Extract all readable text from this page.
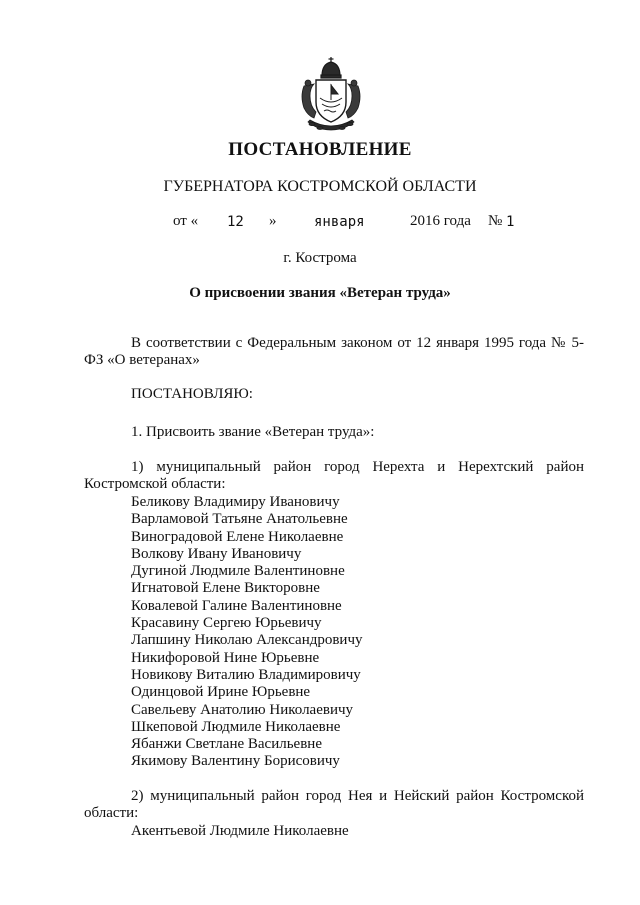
ПОСТАНОВЛЕНИЕ
ГУБЕРНАТОРА КОСТРОМСКОЙ ОБЛАСТИ
от « 12 »	января	2016 года № 1
г. Кострома
О присвоении звания «Ветеран труда»
В соответствии с Федеральным законом от 12 января 1995 года № 5-ФЗ «О ветеранах»
ПОСТАНОВЛЯЮ:
1. Присвоить звание «Ветеран труда»:
1) муниципальный район город Нерехта и Нерехтский район Костромской области:
Беликову Владимиру Ивановичу
Варламовой Татьяне Анатольевне
Виноградовой Елене Николаевне
Волкову Ивану Ивановичу
Дугиной Людмиле Валентиновне
Игнатовой Елене Викторовне
Ковалевой Галине Валентиновне
Красавину Сергею Юрьевичу
Лапшину Николаю Александровичу
Никифоровой Нине Юрьевне
Новикову Виталию Владимировичу
Одинцовой Ирине Юрьевне
Савельеву Анатолию Николаевичу
Шкеповой Людмиле Николаевне
Ябанжи Светлане Васильевне
Якимову Валентину Борисовичу
2) муниципальный район город Нея и Нейский район Костромской области:
Акентьевой Людмиле Николаевне
